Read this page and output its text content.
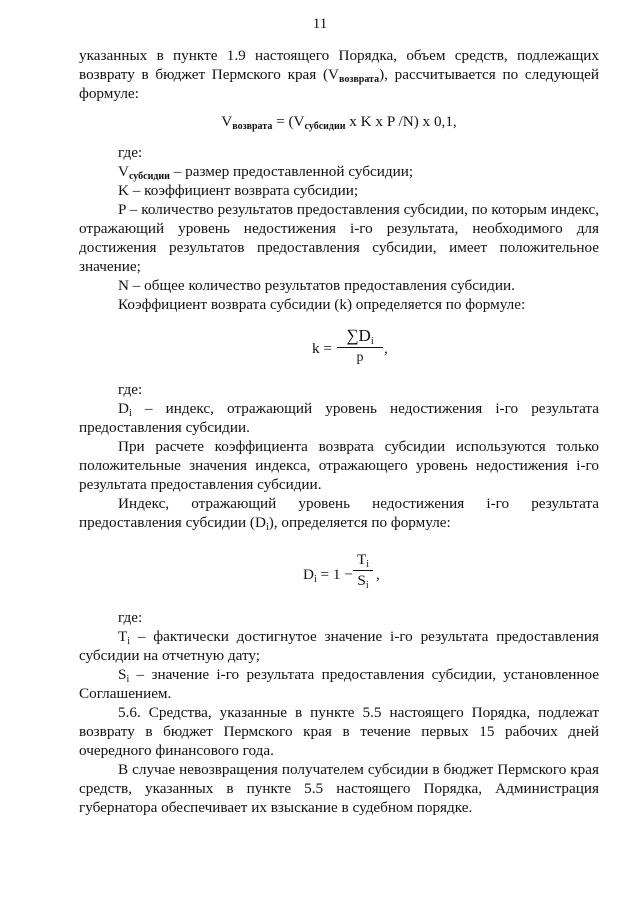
11

указанных в пункте 1.9 настоящего Порядка, объем средств, подлежащих возврату в бюджет Пермского края $(V_{возврата})$, рассчитывается по следующей формуле:

$V_{возврата} = (V_{субсидии}$ x K x P /N) x 0,1,

где:

$V_{субсидии}$ – размер предоставленной субсидии;

K – коэффициент возврата субсидии;

P – количество результатов предоставления субсидии, по которым индекс, отражающий уровень недостижения i-го результата, необходимого для достижения результатов предоставления субсидии, имеет положительное значение;

N – общее количество результатов предоставления субсидии.

Коэффициент возврата субсидии (k) определяется по формуле:

$k = \frac{\sum D_i}{p}$ ,

где:

$D_i$ – индекс, отражающий уровень недостижения i-го результата предоставления субсидии.

При расчете коэффициента возврата субсидии используются только положительные значения индекса, отражающего уровень недостижения i-го результата предоставления субсидии.

Индекс, отражающий уровень недостижения i-го результата предоставления субсидии $(D_i)$, определяется по формуле:

$D_i = 1 - \frac{T_i}{S_i}$ ,

где:

$T_i$ – фактически достигнутое значение i-го результата предоставления субсидии на отчетную дату;

$S_i$ – значение i-го результата предоставления субсидии, установленное Соглашением.

5.6. Средства, указанные в пункте 5.5 настоящего Порядка, подлежат возврату в бюджет Пермского края в течение первых 15 рабочих дней очередного финансового года.

В случае невозвращения получателем субсидии в бюджет Пермского края средств, указанных в пункте 5.5 настоящего Порядка, Администрация губернатора обеспечивает их взыскание в судебном порядке.
